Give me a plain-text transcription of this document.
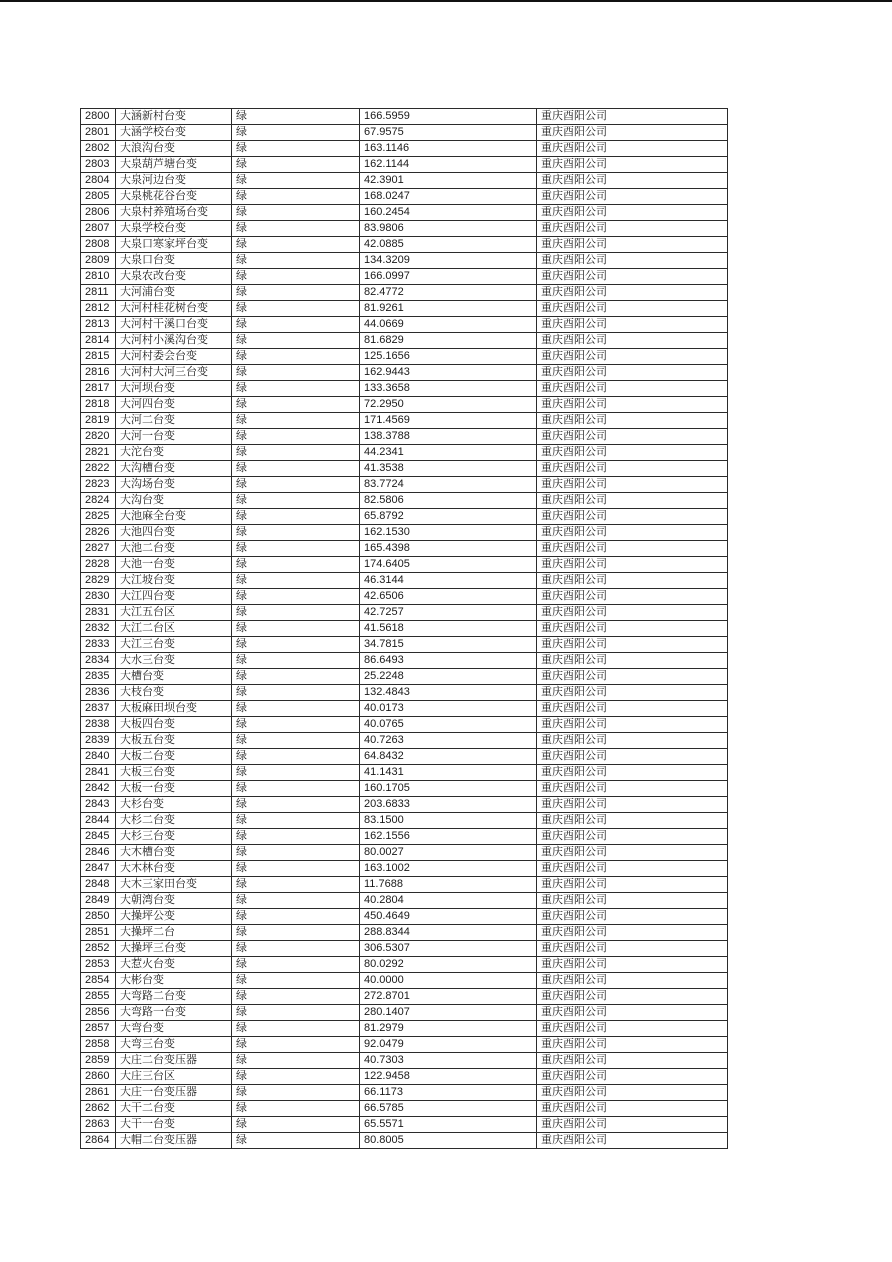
2800	大涵新村台变	绿	166.5959	重庆酉阳公司
2801	大涵学校台变	绿	67.9575	重庆酉阳公司
2802	大浪沟台变	绿	163.1146	重庆酉阳公司
2803	大泉葫芦塘台变	绿	162.1144	重庆酉阳公司
2804	大泉河边台变	绿	42.3901	重庆酉阳公司
2805	大泉桃花谷台变	绿	168.0247	重庆酉阳公司
2806	大泉村养殖场台变	绿	160.2454	重庆酉阳公司
2807	大泉学校台变	绿	83.9806	重庆酉阳公司
2808	大泉口寒家坪台变	绿	42.0885	重庆酉阳公司
2809	大泉口台变	绿	134.3209	重庆酉阳公司
2810	大泉农改台变	绿	166.0997	重庆酉阳公司
2811	大河浦台变	绿	82.4772	重庆酉阳公司
2812	大河村桂花树台变	绿	81.9261	重庆酉阳公司
2813	大河村干溪口台变	绿	44.0669	重庆酉阳公司
2814	大河村小溪沟台变	绿	81.6829	重庆酉阳公司
2815	大河村委会台变	绿	125.1656	重庆酉阳公司
2816	大河村大河三台变	绿	162.9443	重庆酉阳公司
2817	大河坝台变	绿	133.3658	重庆酉阳公司
2818	大河四台变	绿	72.2950	重庆酉阳公司
2819	大河二台变	绿	171.4569	重庆酉阳公司
2820	大河一台变	绿	138.3788	重庆酉阳公司
2821	大沱台变	绿	44.2341	重庆酉阳公司
2822	大沟槽台变	绿	41.3538	重庆酉阳公司
2823	大沟场台变	绿	83.7724	重庆酉阳公司
2824	大沟台变	绿	82.5806	重庆酉阳公司
2825	大池麻全台变	绿	65.8792	重庆酉阳公司
2826	大池四台变	绿	162.1530	重庆酉阳公司
2827	大池二台变	绿	165.4398	重庆酉阳公司
2828	大池一台变	绿	174.6405	重庆酉阳公司
2829	大江坡台变	绿	46.3144	重庆酉阳公司
2830	大江四台变	绿	42.6506	重庆酉阳公司
2831	大江五台区	绿	42.7257	重庆酉阳公司
2832	大江二台区	绿	41.5618	重庆酉阳公司
2833	大江三台变	绿	34.7815	重庆酉阳公司
2834	大水三台变	绿	86.6493	重庆酉阳公司
2835	大槽台变	绿	25.2248	重庆酉阳公司
2836	大枝台变	绿	132.4843	重庆酉阳公司
2837	大板麻田坝台变	绿	40.0173	重庆酉阳公司
2838	大板四台变	绿	40.0765	重庆酉阳公司
2839	大板五台变	绿	40.7263	重庆酉阳公司
2840	大板二台变	绿	64.8432	重庆酉阳公司
2841	大板三台变	绿	41.1431	重庆酉阳公司
2842	大板一台变	绿	160.1705	重庆酉阳公司
2843	大杉台变	绿	203.6833	重庆酉阳公司
2844	大杉二台变	绿	83.1500	重庆酉阳公司
2845	大杉三台变	绿	162.1556	重庆酉阳公司
2846	大木槽台变	绿	80.0027	重庆酉阳公司
2847	大木林台变	绿	163.1002	重庆酉阳公司
2848	大木三家田台变	绿	11.7688	重庆酉阳公司
2849	大朝湾台变	绿	40.2804	重庆酉阳公司
2850	大操坪公变	绿	450.4649	重庆酉阳公司
2851	大操坪二台	绿	288.8344	重庆酉阳公司
2852	大操坪三台变	绿	306.5307	重庆酉阳公司
2853	大惹火台变	绿	80.0292	重庆酉阳公司
2854	大彬台变	绿	40.0000	重庆酉阳公司
2855	大弯路二台变	绿	272.8701	重庆酉阳公司
2856	大弯路一台变	绿	280.1407	重庆酉阳公司
2857	大弯台变	绿	81.2979	重庆酉阳公司
2858	大弯三台变	绿	92.0479	重庆酉阳公司
2859	大庄二台变压器	绿	40.7303	重庆酉阳公司
2860	大庄三台区	绿	122.9458	重庆酉阳公司
2861	大庄一台变压器	绿	66.1173	重庆酉阳公司
2862	大干二台变	绿	66.5785	重庆酉阳公司
2863	大干一台变	绿	65.5571	重庆酉阳公司
2864	大帽二台变压器	绿	80.8005	重庆酉阳公司
